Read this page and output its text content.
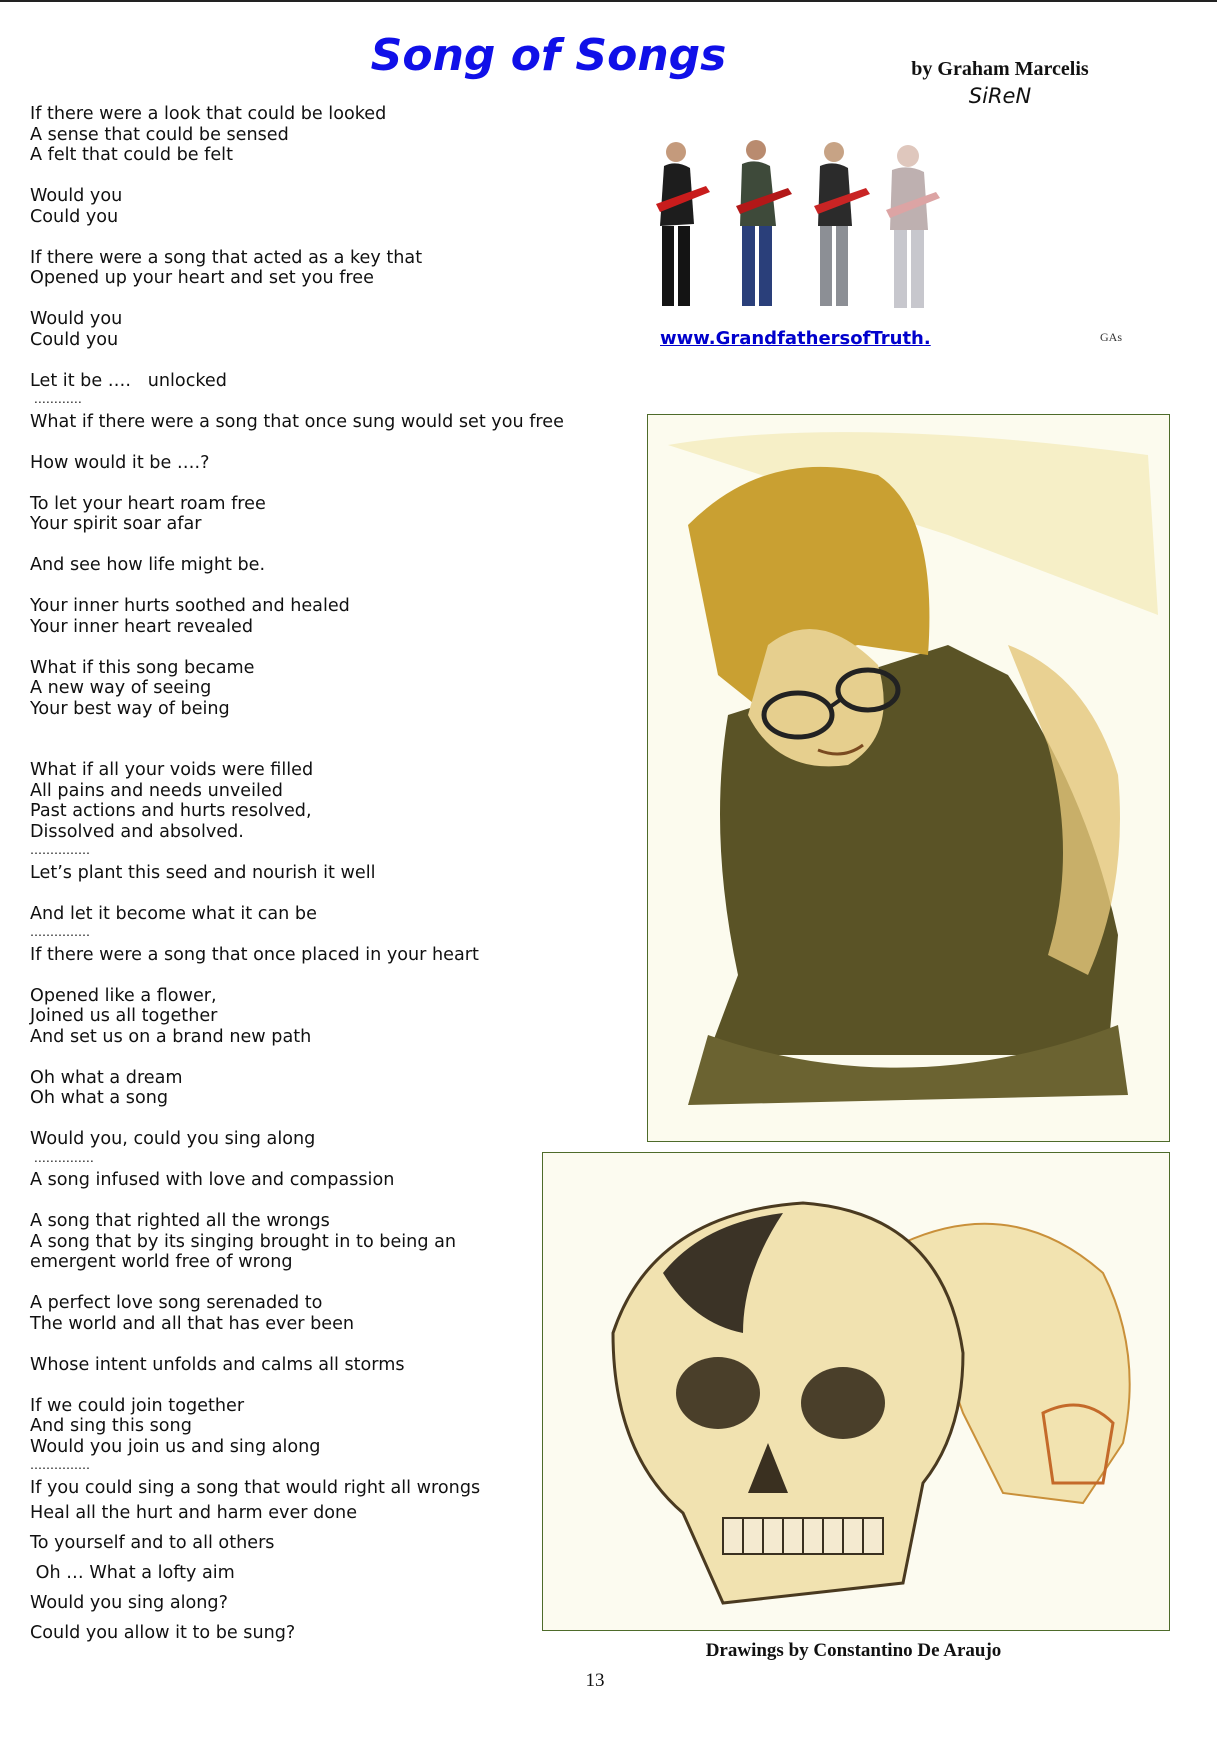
Song of Songs	by Graham Marcelis
SiReN
If there were a look that could be looked
A sense that could be sensed
A felt that could be felt
Would you
Could you
If there were a song that acted as a key that
Opened up your heart and set you free
Would you
Could you
Let it be ….   unlocked
…………
What if there were a song that once sung would set you free
How would it be ….?
To let your heart roam free
Your spirit soar afar
And see how life might be.
Your inner hurts soothed and healed
Your inner heart revealed
What if this song became
A new way of seeing
Your best way of being
What if all your voids were filled
All pains and needs unveiled
Past actions and hurts resolved,
Dissolved and absolved.
……………
Let’s plant this seed and nourish it well
And let it become what it can be
……………
If there were a song that once placed in your heart
Opened like a flower,
Joined us all together
And set us on a brand new path
Oh what a dream
Oh what a song
Would you, could you sing along
……………
A song infused with love and compassion
A song that righted all the wrongs
A song that by its singing brought in to being an
emergent world free of wrong
A perfect love song serenaded to
The world and all that has ever been
Whose intent unfolds and calms all storms
If we could join together
And sing this song
Would you join us and sing along
……………
If you could sing a song that would right all wrongs
Heal all the hurt and harm ever done
To yourself and to all others
Oh … What a lofty aim
Would you sing along?
Could you allow it to be sung?
www.GrandfathersofTruth.	GAs
Drawings by Constantino De Araujo
13
